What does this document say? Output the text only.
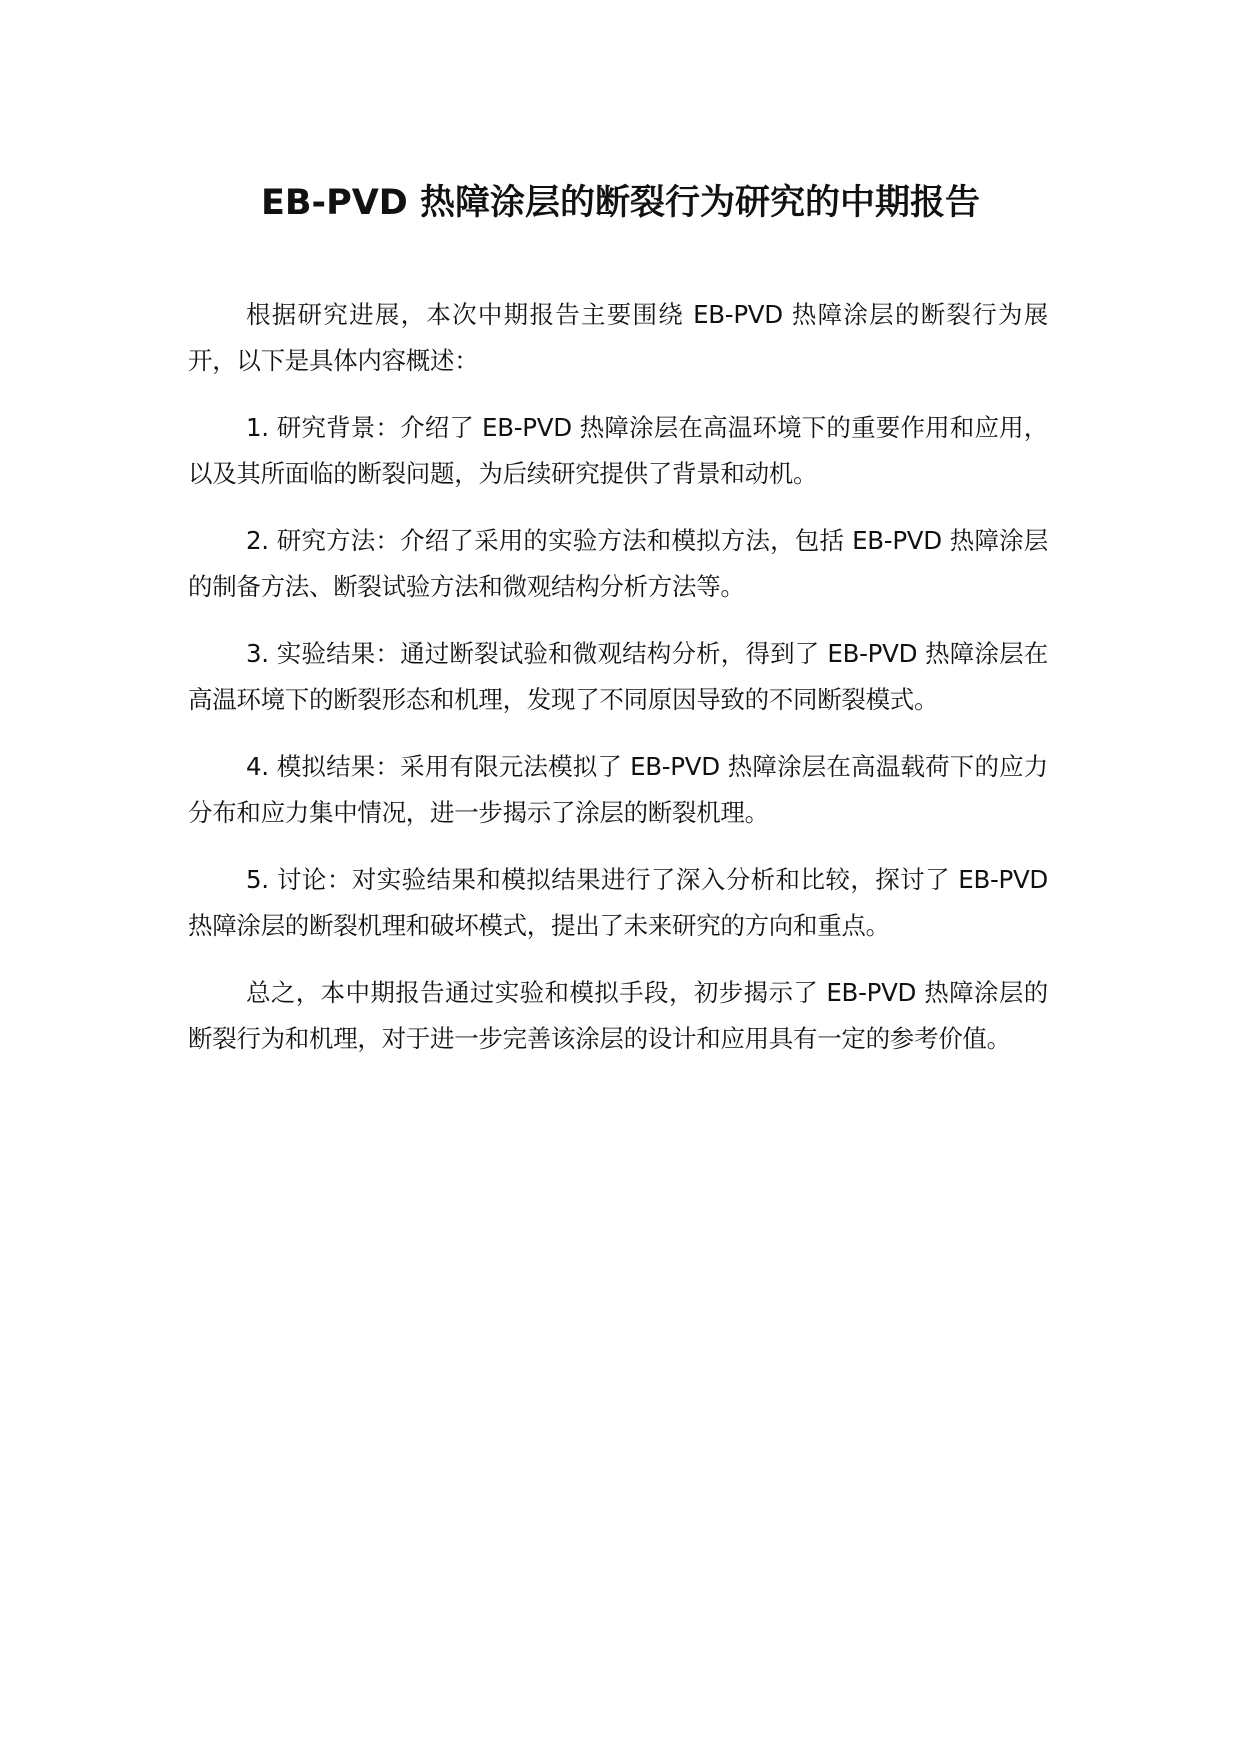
EB-PVD 热障涂层的断裂行为研究的中期报告

根据研究进展，本次中期报告主要围绕 EB-PVD 热障涂层的断裂行为展开，以下是具体内容概述：

1. 研究背景：介绍了 EB-PVD 热障涂层在高温环境下的重要作用和应用，以及其所面临的断裂问题，为后续研究提供了背景和动机。

2. 研究方法：介绍了采用的实验方法和模拟方法，包括 EB-PVD 热障涂层的制备方法、断裂试验方法和微观结构分析方法等。

3. 实验结果：通过断裂试验和微观结构分析，得到了 EB-PVD 热障涂层在高温环境下的断裂形态和机理，发现了不同原因导致的不同断裂模式。

4. 模拟结果：采用有限元法模拟了 EB-PVD 热障涂层在高温载荷下的应力分布和应力集中情况，进一步揭示了涂层的断裂机理。

5. 讨论：对实验结果和模拟结果进行了深入分析和比较，探讨了 EB-PVD 热障涂层的断裂机理和破坏模式，提出了未来研究的方向和重点。

总之，本中期报告通过实验和模拟手段，初步揭示了 EB-PVD 热障涂层的断裂行为和机理，对于进一步完善该涂层的设计和应用具有一定的参考价值。
